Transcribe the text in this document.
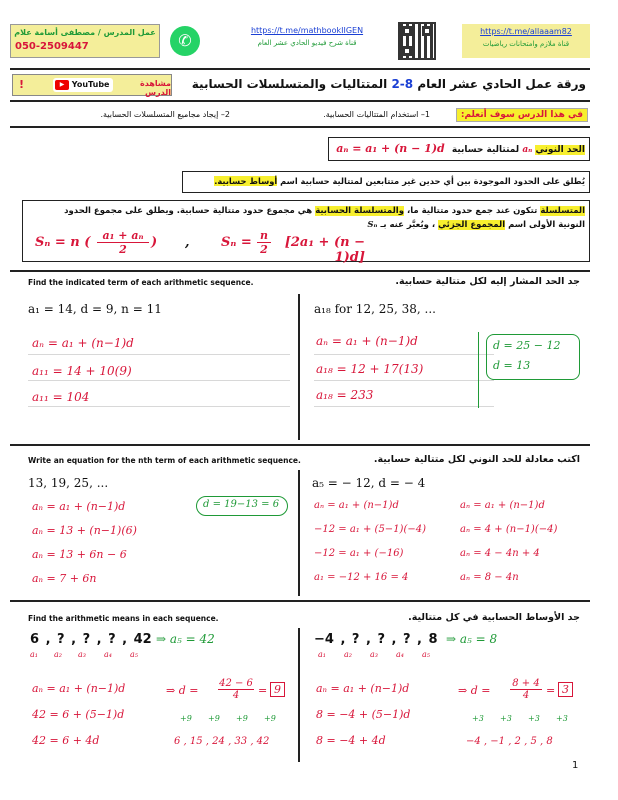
عمل المدرس / مصطفى أسامة علام
050-2509447	✆
https://t.me/mathbookIIGEN
قناة شرح فيديو الحادي عشر العام
https://t.me/allaaam82
قناة ملازم وامتحانات رياضيات
!	▶ YouTube	مشاهدة الدرس
ورقة عمل الحادي عشر العام 8-2 المتتاليات والمتسلسلات الحسابية
في هذا الدرس سوف أتعلم:
1– استخدام المتتاليات الحسابية.
2– إيجاد مجاميع المتسلسلات الحسابية.
الحد النوني aₙ لمتتالية حسابية aₙ = a₁ + (n − 1)d
يُطلق على الحدود الموجودة بين أي حدين غير متتابعين لمتتالية حسابية اسم أوساط حسابية.
المتسلسلة تتكون عند جمع حدود متتالية ما، والمتسلسلة الحسابية هي مجموع حدود متتالية حسابية. ويطلق على مجموع الحدود
النونية الأولى اسم المجموع الجزئي ، ويُعبَّر عنه بـ Sₙ
Sₙ = n (	a₁ + aₙ
2	) , Sₙ = n
2	[2a₁ + (n − 1)d]
Find the indicated term of each arithmetic sequence.	جد الحد المشار إليه لكل متتالية حسابية.
a₁ = 14, d = 9, n = 11
aₙ = a₁ + (n−1)d
a₁₁ = 14 + 10(9)
a₁₁ = 104
a₁₈ for 12, 25, 38, ...
aₙ = a₁ + (n−1)d
a₁₈ = 12 + 17(13)
a₁₈ = 233
d = 25 − 12
d = 13
Write an equation for the nth term of each arithmetic sequence.	اكتب معادلة للحد النوني لكل متتالية حسابية.
13, 19, 25, ...
d = 19−13 = 6
aₙ = a₁ + (n−1)d
aₙ = 13 + (n−1)(6)
aₙ = 13 + 6n − 6
aₙ = 7 + 6n
a₅ = − 12, d = − 4
aₙ = a₁ + (n−1)d
−12 = a₁ + (5−1)(−4)
−12 = a₁ + (−16)
a₁ = −12 + 16 = 4
aₙ = a₁ + (n−1)d
aₙ = 4 + (n−1)(−4)
aₙ = 4 − 4n + 4
aₙ = 8 − 4n
Find the arithmetic means in each sequence.	جد الأوساط الحسابية في كل متتالية.
6 , ? , ? , ? , 42
a₁ a₂ a₃ a₄ a₅
⇒ a₅ = 42
aₙ = a₁ + (n−1)d
42 = 6 + (5−1)d
42 = 6 + 4d
⇒ $d = \frac{42 - 6}{4} = 9$
+9 +9 +9 +9
6 , 15 , 24 , 33 , 42
−4 , ? , ? , ? , 8
a₁ a₂ a₃ a₄ a₅
⇒ a₅ = 8
aₙ = a₁ + (n−1)d
8 = −4 + (5−1)d
8 = −4 + 4d
⇒ $d = \frac{8 + 4}{4} = 3$
+3 +3 +3 +3
−4 , −1 , 2 , 5 , 8
1
